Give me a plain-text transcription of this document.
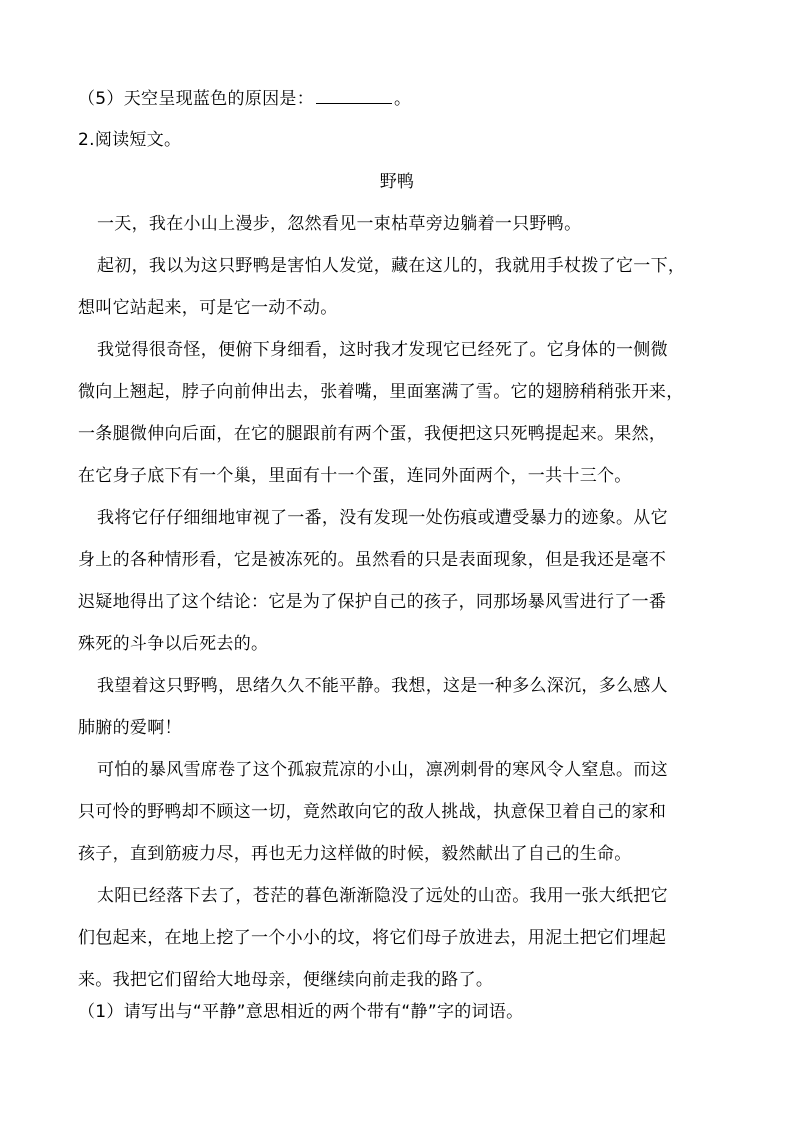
（5）天空呈现蓝色的原因是：	。
2.阅读短文。
野鸭
一天，我在小山上漫步，忽然看见一束枯草旁边躺着一只野鸭。
起初，我以为这只野鸭是害怕人发觉，藏在这儿的，我就用手杖拨了它一下，
想叫它站起来，可是它一动不动。
我觉得很奇怪，便俯下身细看，这时我才发现它已经死了。它身体的一侧微
微向上翘起，脖子向前伸出去，张着嘴，里面塞满了雪。它的翅膀稍稍张开来，
一条腿微伸向后面，在它的腿跟前有两个蛋，我便把这只死鸭提起来。果然，
在它身子底下有一个巢，里面有十一个蛋，连同外面两个，一共十三个。
我将它仔仔细细地审视了一番，没有发现一处伤痕或遭受暴力的迹象。从它
身上的各种情形看，它是被冻死的。虽然看的只是表面现象，但是我还是毫不
迟疑地得出了这个结论：它是为了保护自己的孩子，同那场暴风雪进行了一番
殊死的斗争以后死去的。
我望着这只野鸭，思绪久久不能平静。我想，这是一种多么深沉，多么感人
肺腑的爱啊！
可怕的暴风雪席卷了这个孤寂荒凉的小山，凛冽刺骨的寒风令人窒息。而这
只可怜的野鸭却不顾这一切，竟然敢向它的敌人挑战，执意保卫着自己的家和
孩子，直到筋疲力尽，再也无力这样做的时候，毅然献出了自己的生命。
太阳已经落下去了，苍茫的暮色渐渐隐没了远处的山峦。我用一张大纸把它
们包起来，在地上挖了一个小小的坟，将它们母子放进去，用泥土把它们埋起
来。我把它们留给大地母亲，便继续向前走我的路了。
（1）请写出与“平静”意思相近的两个带有“静”字的词语。
